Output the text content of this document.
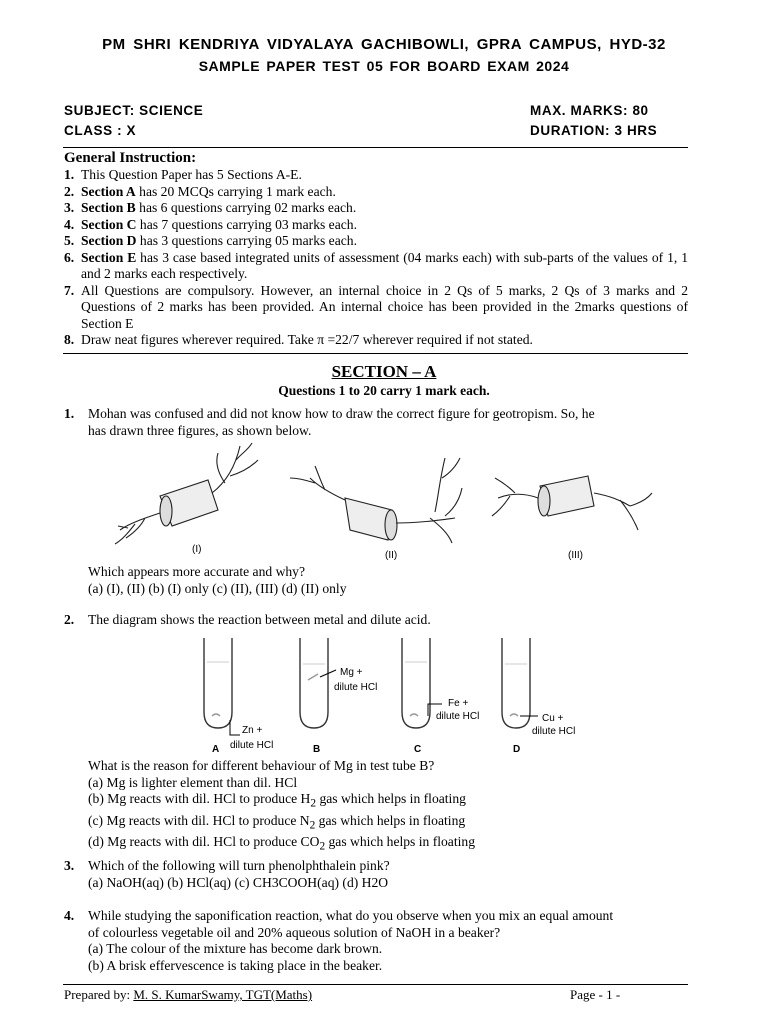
PM SHRI KENDRIYA VIDYALAYA GACHIBOWLI, GPRA CAMPUS, HYD-32
SAMPLE PAPER TEST 05 FOR BOARD EXAM 2024
SUBJECT: SCIENCE
CLASS : X
MAX. MARKS: 80
DURATION: 3 HRS
General Instruction:
1. This Question Paper has 5 Sections A-E.
2. Section A has 20 MCQs carrying 1 mark each.
3. Section B has 6 questions carrying 02 marks each.
4. Section C has 7 questions carrying 03 marks each.
5. Section D has 3 questions carrying 05 marks each.
6. Section E has 3 case based integrated units of assessment (04 marks each) with sub-parts of the values of 1, 1 and 2 marks each respectively.
7. All Questions are compulsory. However, an internal choice in 2 Qs of 5 marks, 2 Qs of 3 marks and 2 Questions of 2 marks has been provided. An internal choice has been provided in the 2marks questions of Section E
8. Draw neat figures wherever required. Take π =22/7 wherever required if not stated.
SECTION – A
Questions 1 to 20 carry 1 mark each.
1. Mohan was confused and did not know how to draw the correct figure for geotropism. So, he
has drawn three figures, as shown below.
(I)
(II)	(III)
Which appears more accurate and why?
(a) (I), (II) (b) (I) only (c) (II), (III) (d) (II) only
2. The diagram shows the reaction between metal and dilute acid.
Zn +
dilute HCl
A
Mg +
dilute HCl
B
Fe +
dilute HCl
C
Cu +
dilute HCl
D
What is the reason for different behaviour of Mg in test tube B?
(a) Mg is lighter element than dil. HCl
(b) Mg reacts with dil. HCl to produce $H_2$ gas which helps in floating
(c) Mg reacts with dil. HCl to produce $N_2$ gas which helps in floating
(d) Mg reacts with dil. HCl to produce $CO_2$ gas which helps in floating
3. Which of the following will turn phenolphthalein pink?
(a) NaOH(aq) (b) HCl(aq) (c) CH3COOH(aq) (d) H2O
4. While studying the saponification reaction, what do you observe when you mix an equal amount
of colourless vegetable oil and 20% aqueous solution of NaOH in a beaker?
(a) The colour of the mixture has become dark brown.
(b) A brisk effervescence is taking place in the beaker.
Prepared by: M. S. KumarSwamy, TGT(Maths)	Page - 1 -
